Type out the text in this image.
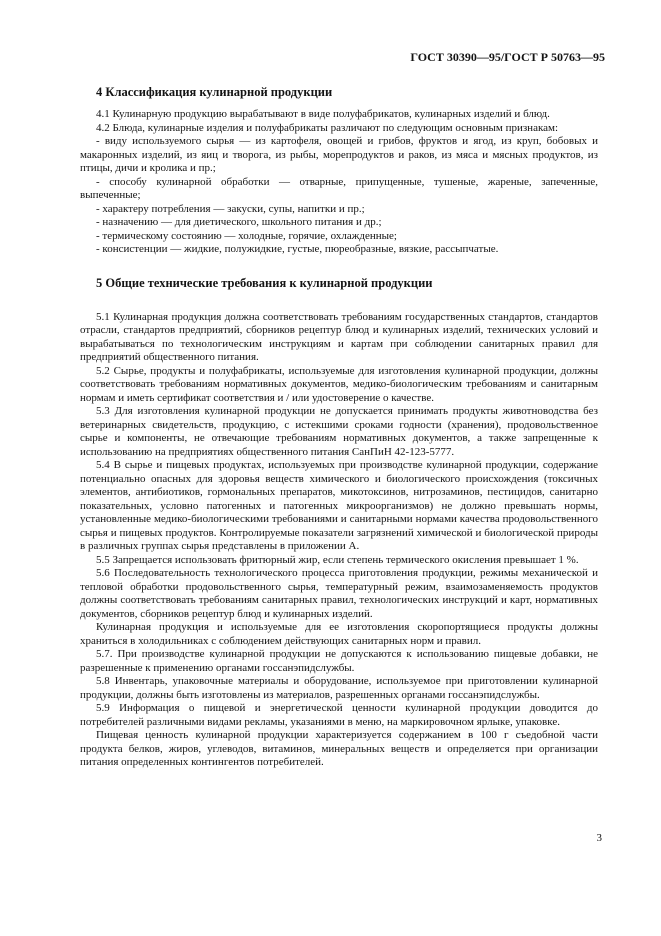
ГОСТ 30390—95/ГОСТ Р 50763—95
4 Классификация кулинарной продукции

4.1 Кулинарную продукцию вырабатывают в виде полуфабрикатов, кулинарных изделий и блюд.

4.2 Блюда, кулинарные изделия и полуфабрикаты различают по следующим основным признакам:

- виду используемого сырья — из картофеля, овощей и грибов, фруктов и ягод, из круп, бобовых и макаронных изделий, из яиц и творога, из рыбы, морепродуктов и раков, из мяса и мясных продуктов, из птицы, дичи и кролика и пр.;

- способу кулинарной обработки — отварные, припущенные, тушеные, жареные, запеченные, выпеченные;

- характеру потребления — закуски, супы, напитки и пр.;

- назначению — для диетического, школьного питания и др.;

- термическому состоянию — холодные, горячие, охлажденные;

- консистенции — жидкие, полужидкие, густые, пюреобразные, вязкие, рассыпчатые.

5 Общие технические требования к кулинарной продукции

5.1 Кулинарная продукция должна соответствовать требованиям государственных стандартов, стандартов отрасли, стандартов предприятий, сборников рецептур блюд и кулинарных изделий, технических условий и вырабатываться по технологическим инструкциям и картам при соблюдении санитарных правил для предприятий общественного питания.

5.2 Сырье, продукты и полуфабрикаты, используемые для изготовления кулинарной продукции, должны соответствовать требованиям нормативных документов, медико-биологическим требованиям и санитарным нормам и иметь сертификат соответствия и / или удостоверение о качестве.

5.3 Для изготовления кулинарной продукции не допускается принимать продукты животноводства без ветеринарных свидетельств, продукцию, с истекшими сроками годности (хранения), продовольственное сырье и компоненты, не отвечающие требованиям нормативных документов, а также запрещенные к использованию на предприятиях общественного питания СанПиН 42-123-5777.

5.4 В сырье и пищевых продуктах, используемых при производстве кулинарной продукции, содержание потенциально опасных для здоровья веществ химического и биологического происхождения (токсичных элементов, антибиотиков, гормональных препаратов, микотоксинов, нитрозаминов, пестицидов, санитарно показательных, условно патогенных и патогенных микроорганизмов) не должно превышать нормы, установленные медико-биологическими требованиями и санитарными нормами качества продовольственного сырья и пищевых продуктов. Контролируемые показатели загрязнений химической и биологической природы в различных группах сырья представлены в приложении А.

5.5 Запрещается использовать фритюрный жир, если степень термического окисления превышает 1 %.

5.6 Последовательность технологического процесса приготовления продукции, режимы механической и тепловой обработки продовольственного сырья, температурный режим, взаимозаменяемость продуктов должны соответствовать требованиям санитарных правил, технологических инструкций и карт, нормативных документов, сборников рецептур блюд и кулинарных изделий.

Кулинарная продукция и используемые для ее изготовления скоропортящиеся продукты должны храниться в холодильниках с соблюдением действующих санитарных норм и правил.

5.7. При производстве кулинарной продукции не допускаются к использованию пищевые добавки, не разрешенные к применению органами госсанэпидслужбы.

5.8 Инвентарь, упаковочные материалы и оборудование, используемое при приготовлении кулинарной продукции, должны быть изготовлены из материалов, разрешенных органами госсанэпидслужбы.

5.9 Информация о пищевой и энергетической ценности кулинарной продукции доводится до потребителей различными видами рекламы, указаниями в меню, на маркировочном ярлыке, упаковке.

Пищевая ценность кулинарной продукции характеризуется содержанием в 100 г съедобной части продукта белков, жиров, углеводов, витаминов, минеральных веществ и определяется при организации питания определенных контингентов потребителей.

3
